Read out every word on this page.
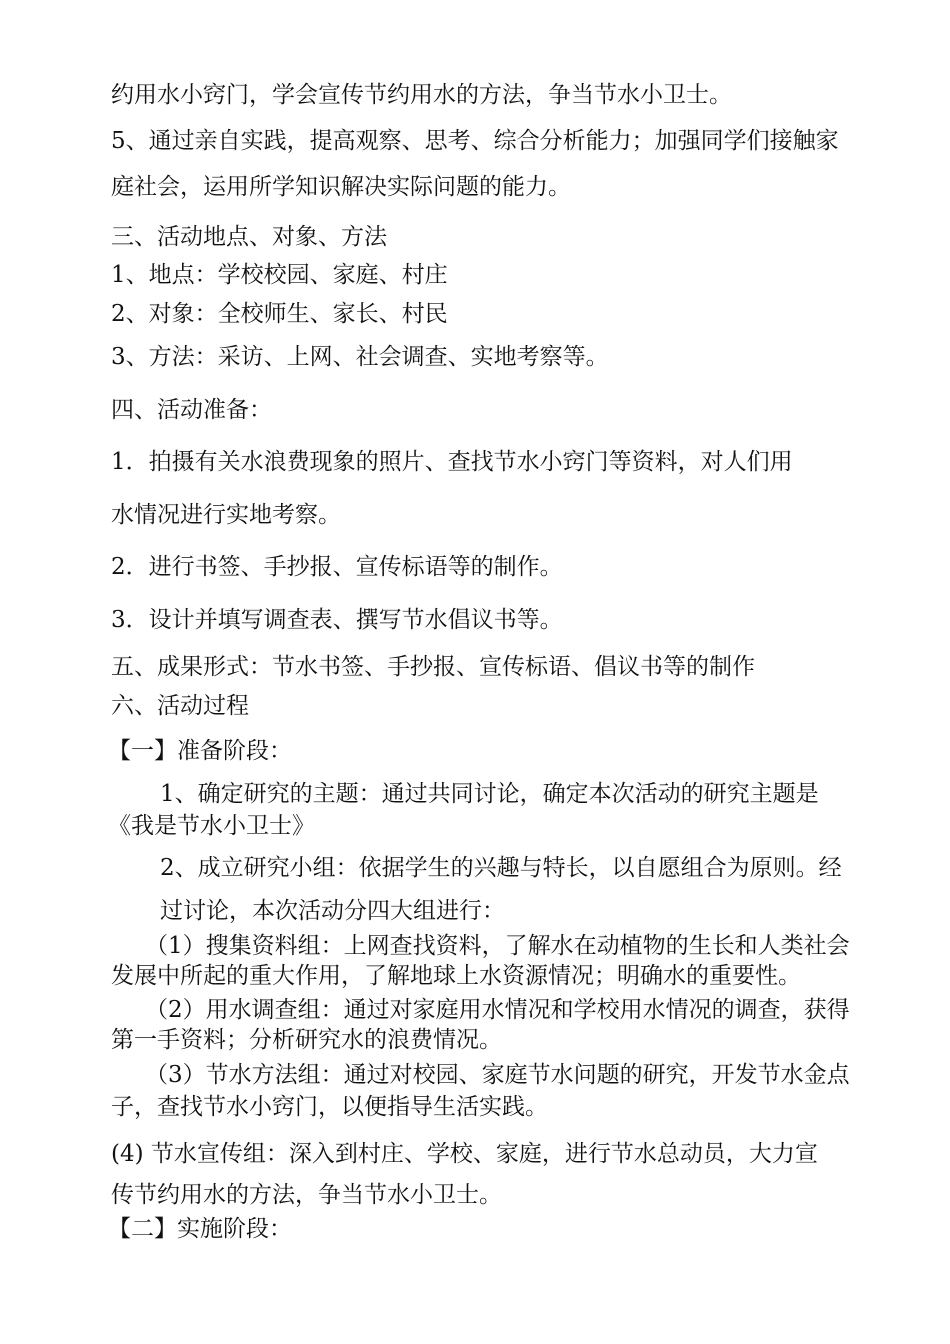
约用水小窍门，学会宣传节约用水的方法，争当节水小卫士。
5、通过亲自实践，提高观察、思考、综合分析能力；加强同学们接触家
庭社会，运用所学知识解决实际问题的能力。
三、活动地点、对象、方法
1、地点：学校校园、家庭、村庄
2、对象：全校师生、家长、村民
3、方法：采访、上网、社会调查、实地考察等。
四、活动准备：
1．拍摄有关水浪费现象的照片、查找节水小窍门等资料，对人们用
水情况进行实地考察。
2．进行书签、手抄报、宣传标语等的制作。
3．设计并填写调查表、撰写节水倡议书等。
五、成果形式：节水书签、手抄报、宣传标语、倡议书等的制作
六、活动过程
【一】准备阶段：
1、确定研究的主题：通过共同讨论，确定本次活动的研究主题是
《我是节水小卫士》
2、成立研究小组：依据学生的兴趣与特长，以自愿组合为原则。经
过讨论，本次活动分四大组进行：
（1）搜集资料组：上网查找资料，了解水在动植物的生长和人类社会
发展中所起的重大作用，了解地球上水资源情况；明确水的重要性。
（2）用水调查组：通过对家庭用水情况和学校用水情况的调查，获得
第一手资料；分析研究水的浪费情况。
（3）节水方法组：通过对校园、家庭节水问题的研究，开发节水金点
子，查找节水小窍门，以便指导生活实践。
(4) 节水宣传组：深入到村庄、学校、家庭，进行节水总动员，大力宣
传节约用水的方法，争当节水小卫士。
【二】实施阶段：
